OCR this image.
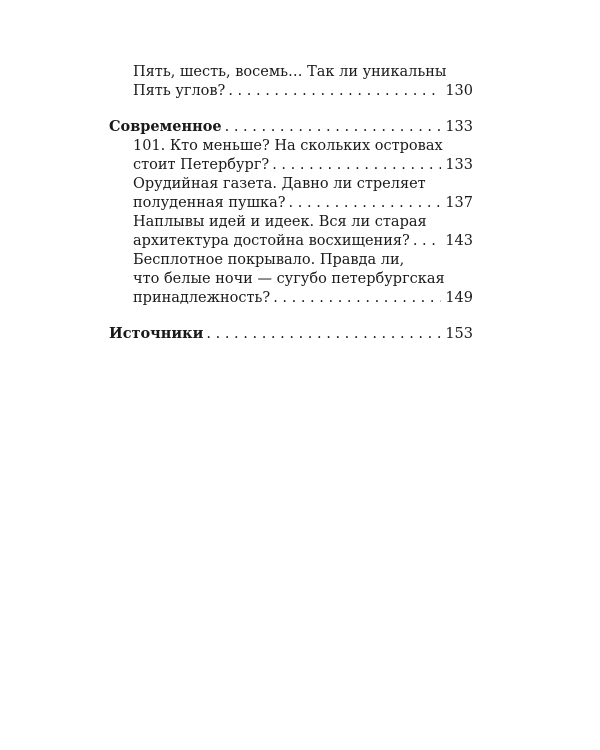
Пять, шесть, восемь… Так ли уникальны
Пять углов? . . .	130
Современное . . .	133
101. Кто меньше? На скольких островах
стоит Петербург? . . .	133
Орудийная газета. Давно ли стреляет
полуденная пушка? . . .	137
Наплывы идей и идеек. Вся ли старая
архитектура достойна восхищения? . . . 143
Бесплотное покрывало. Правда ли,
что белые ночи — сугубо петербургская
принадлежность? . . .	149
Источники . . .	153
